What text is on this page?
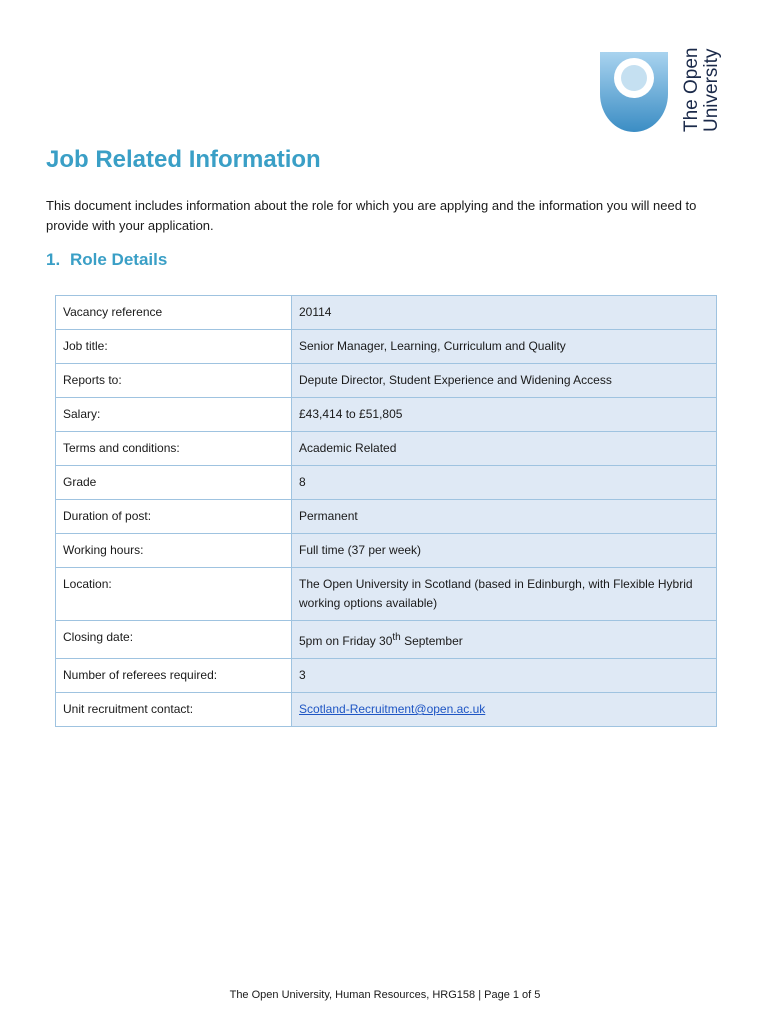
The Open University
Job Related Information

This document includes information about the role for which you are applying and the information you will need to provide with your application.

1. Role Details
Vacancy reference	20114
Job title:	Senior Manager, Learning, Curriculum and Quality
Reports to:	Depute Director, Student Experience and Widening Access
Salary:	£43,414 to £51,805
Terms and conditions:	Academic Related
Grade	8
Duration of post:	Permanent
Working hours:	Full time (37 per week)
Location:	The Open University in Scotland (based in Edinburgh, with Flexible Hybrid working options available)
Closing date:	5pm on Friday 30th September
Number of referees required:	3
Unit recruitment contact:	Scotland-Recruitment@open.ac.uk
The Open University, Human Resources, HRG158 | Page 1 of 5
